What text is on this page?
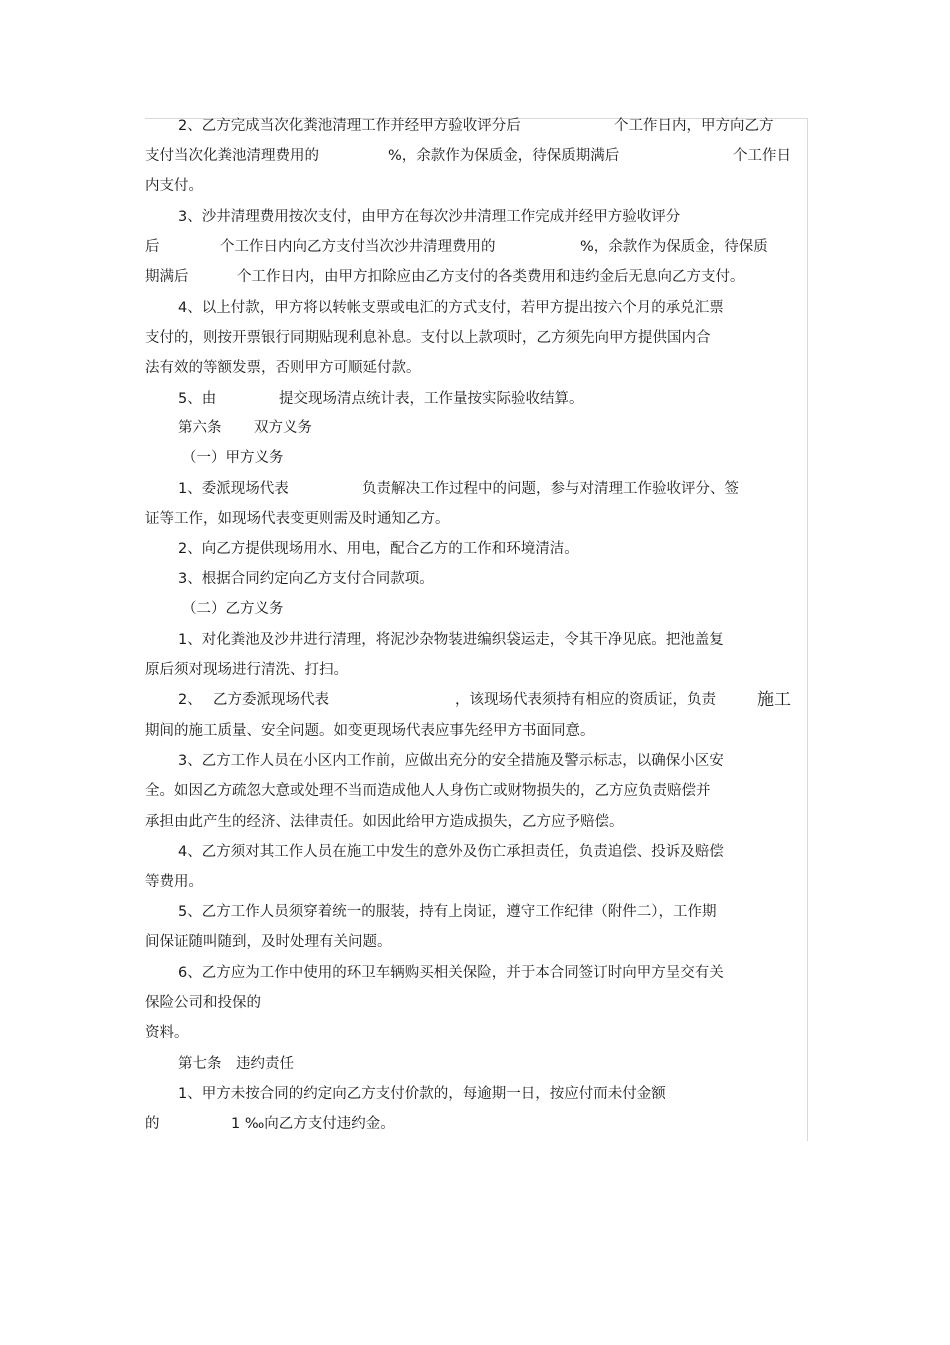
2、乙方完成当次化粪池清理工作并经甲方验收评分后	个工作日内，甲方向乙方
支付当次化粪池清理费用的	%，余款作为保质金，待保质期满后	个工作日
内支付。
3、沙井清理费用按次支付，由甲方在每次沙井清理工作完成并经甲方验收评分
后	个工作日内向乙方支付当次沙井清理费用的	%，余款作为保质金，待保质
期满后	个工作日内，由甲方扣除应由乙方支付的各类费用和违约金后无息向乙方支付。
4、以上付款，甲方将以转帐支票或电汇的方式支付，若甲方提出按六个月的承兑汇票
支付的，则按开票银行同期贴现利息补息。支付以上款项时，乙方须先向甲方提供国内合
法有效的等额发票，否则甲方可顺延付款。
5、由	提交现场清点统计表，工作量按实际验收结算。
第六条 双方义务
（一）甲方义务
1、委派现场代表	负责解决工作过程中的问题，参与对清理工作验收评分、签
证等工作，如现场代表变更则需及时通知乙方。
2、向乙方提供现场用水、用电，配合乙方的工作和环境清洁。
3、根据合同约定向乙方支付合同款项。
（二）乙方义务
1、对化粪池及沙井进行清理，将泥沙杂物装进编织袋运走，令其干净见底。把池盖复
原后须对现场进行清洗、打扫。
2、 乙方委派现场代表	，该现场代表须持有相应的资质证，负责 施工
期间的施工质量、安全问题。如变更现场代表应事先经甲方书面同意。
3、乙方工作人员在小区内工作前，应做出充分的安全措施及警示标志，以确保小区安
全。如因乙方疏忽大意或处理不当而造成他人人身伤亡或财物损失的，乙方应负责赔偿并
承担由此产生的经济、法律责任。如因此给甲方造成损失，乙方应予赔偿。
4、乙方须对其工作人员在施工中发生的意外及伤亡承担责任，负责追偿、投诉及赔偿
等费用。
5、乙方工作人员须穿着统一的服装，持有上岗证，遵守工作纪律（附件二），工作期
间保证随叫随到，及时处理有关问题。
6、乙方应为工作中使用的环卫车辆购买相关保险，并于本合同签订时向甲方呈交有关
保险公司和投保的
资料。
第七条 违约责任
1、甲方未按合同的约定向乙方支付价款的，每逾期一日，按应付而未付金额
的	1 ‰向乙方支付违约金。
